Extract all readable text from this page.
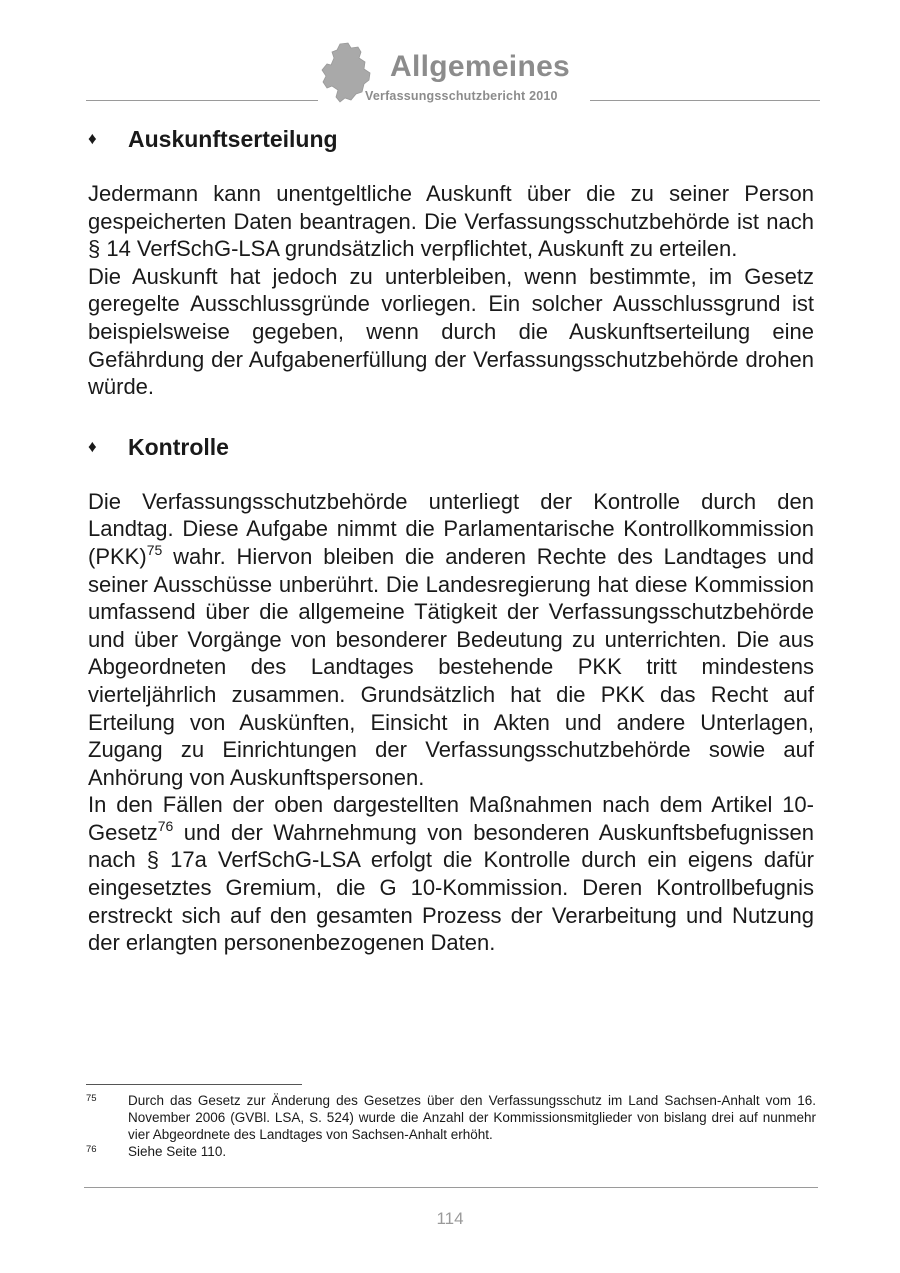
Allgemeines
Verfassungsschutzbericht 2010
♦	Auskunftserteilung

Jedermann kann unentgeltliche Auskunft über die zu seiner Person gespeicherten Daten beantragen. Die Verfassungsschutzbehörde ist nach § 14 VerfSchG-LSA grundsätzlich verpflichtet, Auskunft zu erteilen.

Die Auskunft hat jedoch zu unterbleiben, wenn bestimmte, im Gesetz geregelte Ausschlussgründe vorliegen. Ein solcher Ausschlussgrund ist beispielsweise gegeben, wenn durch die Auskunftserteilung eine Gefährdung der Aufgabenerfüllung der Verfassungsschutzbehörde drohen würde.

♦	Kontrolle

Die Verfassungsschutzbehörde unterliegt der Kontrolle durch den Landtag. Diese Aufgabe nimmt die Parlamentarische Kontrollkommission (PKK)$^{75}$ wahr. Hiervon bleiben die anderen Rechte des Landtages und seiner Ausschüsse unberührt. Die Landesregierung hat diese Kommission umfassend über die allgemeine Tätigkeit der Verfassungsschutzbehörde und über Vorgänge von besonderer Bedeutung zu unterrichten. Die aus Abgeordneten des Landtages bestehende PKK tritt mindestens vierteljährlich zusammen. Grundsätzlich hat die PKK das Recht auf Erteilung von Auskünften, Einsicht in Akten und andere Unterlagen, Zugang zu Einrichtungen der Verfassungsschutzbehörde sowie auf Anhörung von Auskunftspersonen.

In den Fällen der oben dargestellten Maßnahmen nach dem Artikel 10-Gesetz$^{76}$ und der Wahrnehmung von besonderen Auskunftsbefugnissen nach § 17a VerfSchG-LSA erfolgt die Kontrolle durch ein eigens dafür eingesetztes Gremium, die G 10-Kommission. Deren Kontrollbefugnis erstreckt sich auf den gesamten Prozess der Verarbeitung und Nutzung der erlangten personenbezogenen Daten.

75 Durch das Gesetz zur Änderung des Gesetzes über den Verfassungsschutz im Land Sachsen-Anhalt vom 16. November 2006 (GVBl. LSA, S. 524) wurde die Anzahl der Kommissionsmitglieder von bislang drei auf nunmehr vier Abgeordnete des Landtages von Sachsen-Anhalt erhöht.
76 Siehe Seite 110.
114
